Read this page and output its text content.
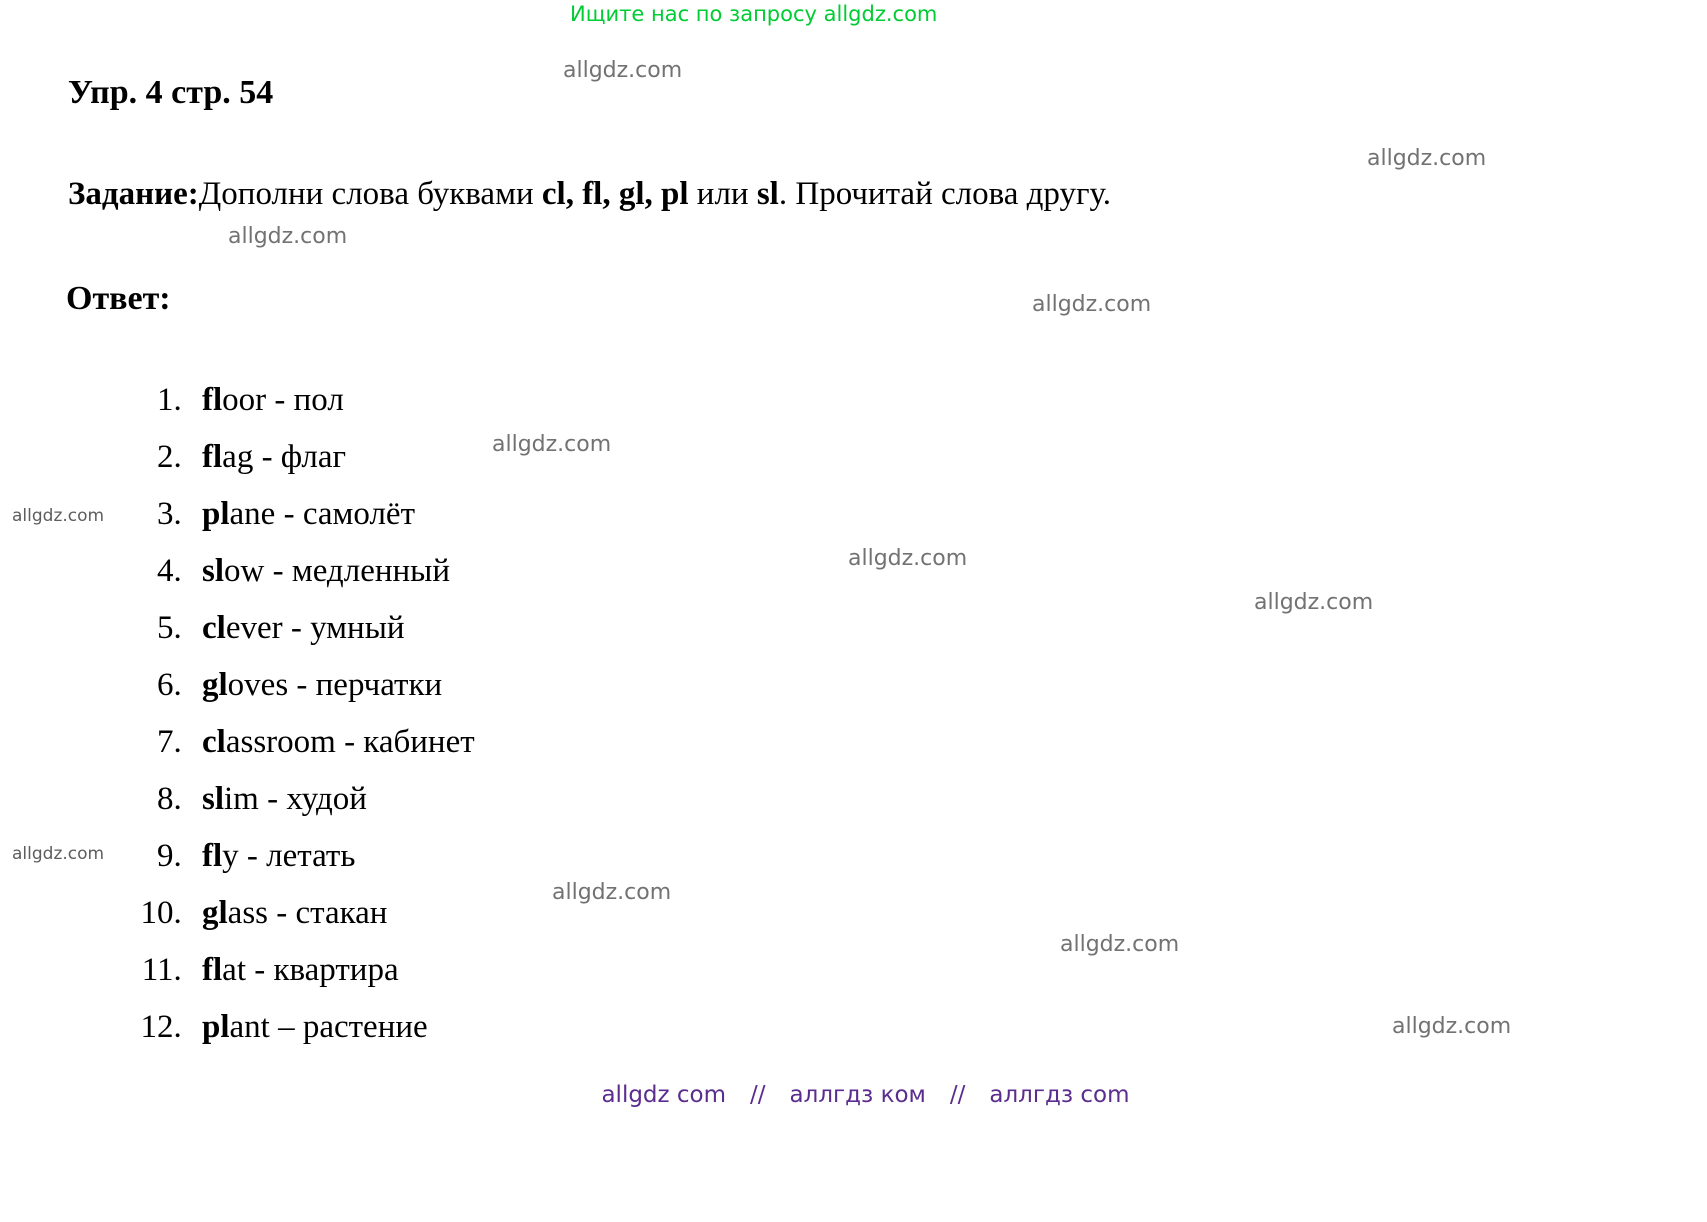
Ищите нас по запросу allgdz.com
Упр. 4 стр. 54
Задание:Дополни слова буквами cl, fl, gl, pl или sl. Прочитай слова другу.
Ответ:
1. floor - пол
2. flag - флаг
3. plane - самолёт
4. slow - медленный
5. clever - умный
6. gloves - перчатки
7. classroom - кабинет
8. slim - худой
9. fly - летать
10. glass - стакан
11. flat - квартира
12. plant – растение
allgdz.com
allgdz.com
allgdz.com
allgdz.com
allgdz.com
allgdz.com
allgdz.com
allgdz.com
allgdz.com
allgdz.com
allgdz.com
allgdz.com
allgdz com // аллгдз ком // аллгдз com
